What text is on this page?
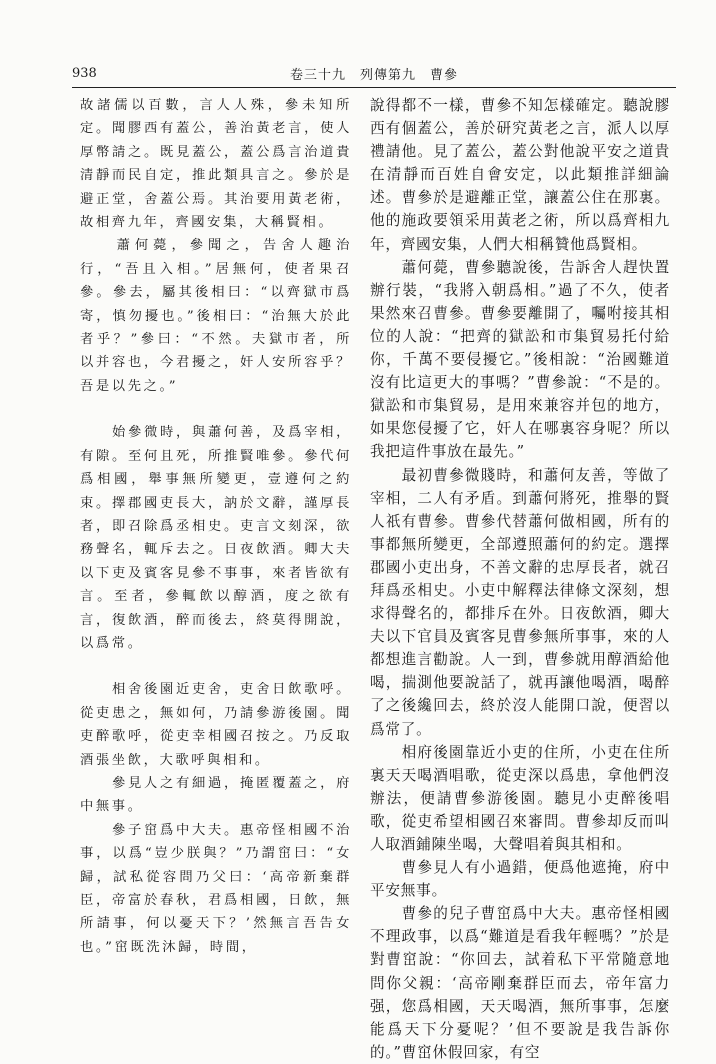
938	卷三十九　列傳第九　曹參

故諸儒以百數，言人人殊，參未知所定。聞膠西有蓋公，善治黃老言，使人厚幣請之。既見蓋公，蓋公爲言治道貴清靜而民自定，推此類具言之。參於是避正堂，舍蓋公焉。其治要用黃老術，故相齊九年，齊國安集，大稱賢相。

　　蕭何薨，參聞之，告舍人趣治行，“吾且入相。”居無何，使者果召參。參去，屬其後相曰：“以齊獄市爲寄，慎勿擾也。”後相曰：“治無大於此者乎？”參曰：“不然。夫獄市者，所以并容也，今君擾之，奸人安所容乎？吾是以先之。”

　　始參微時，與蕭何善，及爲宰相，有隙。至何且死，所推賢唯參。參代何爲相國，舉事無所變更，壹遵何之約束。擇郡國吏長大，訥於文辭，謹厚長者，即召除爲丞相史。吏言文刻深，欲務聲名，輒斥去之。日夜飲酒。卿大夫以下吏及賓客見參不事事，來者皆欲有言。至者，參輒飲以醇酒，度之欲有言，復飲酒，醉而後去，終莫得開說，以爲常。

　　相舍後園近吏舍，吏舍日飲歌呼。從吏患之，無如何，乃請參游後園。聞吏醉歌呼，從吏幸相國召按之。乃反取酒張坐飲，大歌呼與相和。

　　參見人之有細過，掩匿覆蓋之，府中無事。

　　參子窋爲中大夫。惠帝怪相國不治事，以爲“豈少朕與？”乃謂窋曰：“女歸，試私從容問乃父曰：‘高帝新棄群臣，帝富於春秋，君爲相國，日飲，無所請事，何以憂天下？’然無言吾告女也。”窋既洗沐歸，時間，

說得都不一樣，曹參不知怎樣確定。聽說膠西有個蓋公，善於研究黃老之言，派人以厚禮請他。見了蓋公，蓋公對他說平安之道貴在清靜而百姓自會安定，以此類推詳細論述。曹參於是避離正堂，讓蓋公住在那裏。他的施政要領采用黃老之術，所以爲齊相九年，齊國安集，人們大相稱贊他爲賢相。

　　蕭何薨，曹參聽說後，告訴舍人趕快置辦行裝，“我將入朝爲相。”過了不久，使者果然來召曹參。曹參要離開了，囑咐接其相位的人說：“把齊的獄訟和市集貿易托付給你，千萬不要侵擾它。”後相說：“治國難道沒有比這更大的事嗎？”曹參說：“不是的。獄訟和市集貿易，是用來兼容并包的地方，如果您侵擾了它，奸人在哪裏容身呢？所以我把這件事放在最先。”

　　最初曹參微賤時，和蕭何友善，等做了宰相，二人有矛盾。到蕭何將死，推舉的賢人祇有曹參。曹參代替蕭何做相國，所有的事都無所變更，全部遵照蕭何的約定。選擇郡國小吏出身，不善文辭的忠厚長者，就召拜爲丞相史。小吏中解釋法律條文深刻，想求得聲名的，都排斥在外。日夜飲酒，卿大夫以下官員及賓客見曹參無所事事，來的人都想進言勸說。人一到，曹參就用醇酒給他喝，揣測他要說話了，就再讓他喝酒，喝醉了之後纔回去，終於沒人能開口說，便習以爲常了。

　　相府後園靠近小吏的住所，小吏在住所裏天天喝酒唱歌，從吏深以爲患，拿他們沒辦法，便請曹參游後園。聽見小吏醉後唱歌，從吏希望相國召來審問。曹參却反而叫人取酒鋪陳坐喝，大聲唱着與其相和。

　　曹參見人有小過錯，便爲他遮掩，府中平安無事。

　　曹參的兒子曹窋爲中大夫。惠帝怪相國不理政事，以爲“難道是看我年輕嗎？”於是對曹窋說：“你回去，試着私下平常隨意地問你父親：‘高帝剛棄群臣而去，帝年富力强，您爲相國，天天喝酒，無所事事，怎麼能爲天下分憂呢？’但不要說是我告訴你的。”曹窋休假回家，有空
